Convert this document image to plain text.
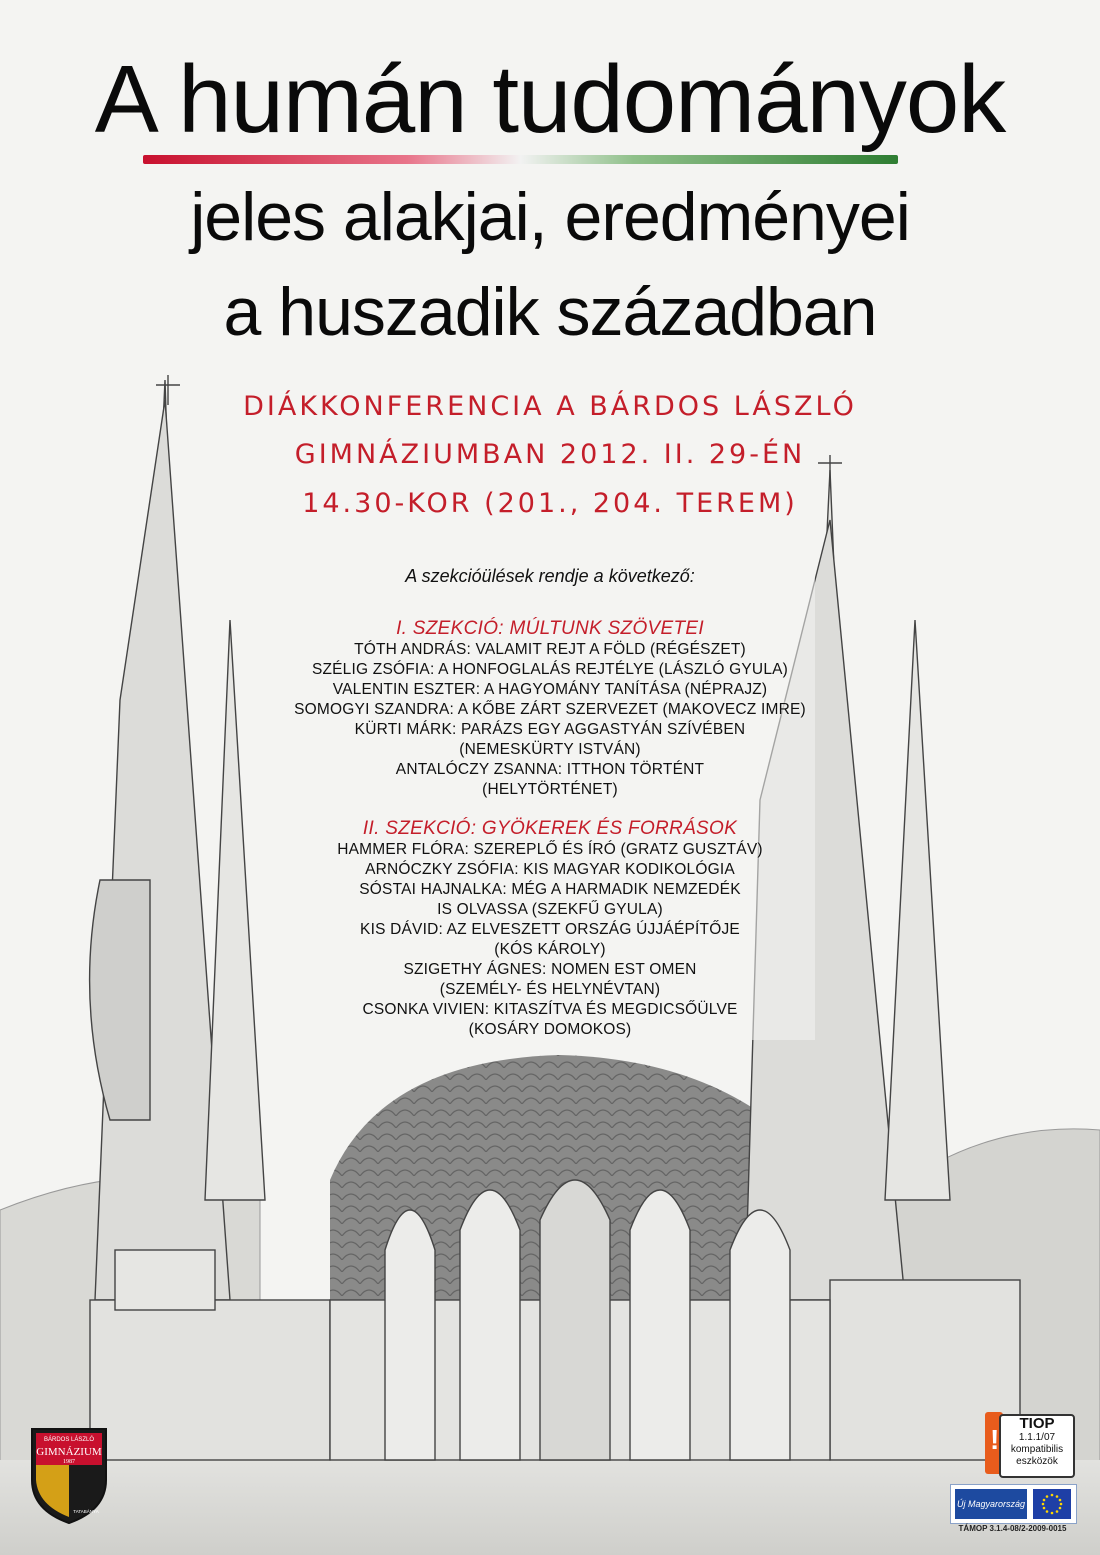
A humán tudományok
jeles alakjai, eredményei
a huszadik században
DIÁKKONFERENCIA A BÁRDOS LÁSZLÓ
GIMNÁZIUMBAN 2012. II. 29-ÉN
14.30-KOR (201., 204. TEREM)
A szekcióülések rendje a következő:
I. SZEKCIÓ: MÚLTUNK SZÖVETEI
TÓTH ANDRÁS: VALAMIT REJT A FÖLD (RÉGÉSZET)
SZÉLIG ZSÓFIA: A HONFOGLALÁS REJTÉLYE (LÁSZLÓ GYULA)
VALENTIN ESZTER: A HAGYOMÁNY TANÍTÁSA (NÉPRAJZ)
SOMOGYI SZANDRA: A KŐBE ZÁRT SZERVEZET (MAKOVECZ IMRE)
KÜRTI MÁRK: PARÁZS EGY AGGASTYÁN SZÍVÉBEN
(NEMESKÜRTY ISTVÁN)
ANTALÓCZY ZSANNA: ITTHON TÖRTÉNT
(HELYTÖRTÉNET)
II. SZEKCIÓ: GYÖKEREK ÉS FORRÁSOK
HAMMER FLÓRA: SZEREPLŐ ÉS ÍRÓ (GRATZ GUSZTÁV)
ARNÓCZKY ZSÓFIA: KIS MAGYAR KODIKOLÓGIA
SÓSTAI HAJNALKA: MÉG A HARMADIK NEMZEDÉK
IS OLVASSA (SZEKFŰ GYULA)
KIS DÁVID: AZ ELVESZETT ORSZÁG ÚJJÁÉPÍTŐJE
(KÓS KÁROLY)
SZIGETHY ÁGNES: NOMEN EST OMEN
(SZEMÉLY- ÉS HELYNÉVTAN)
CSONKA VIVIEN: KITASZÍTVA ÉS MEGDICSŐÜLVE
(KOSÁRY DOMOKOS)
BÁRDOS LÁSZLÓ
GIMNÁZIUM
1987
TATABÁNYA
!
TIOP
1.1.1/07
kompatibilis
eszközök
Új Magyarország
TÁMOP 3.1.4-08/2-2009-0015
